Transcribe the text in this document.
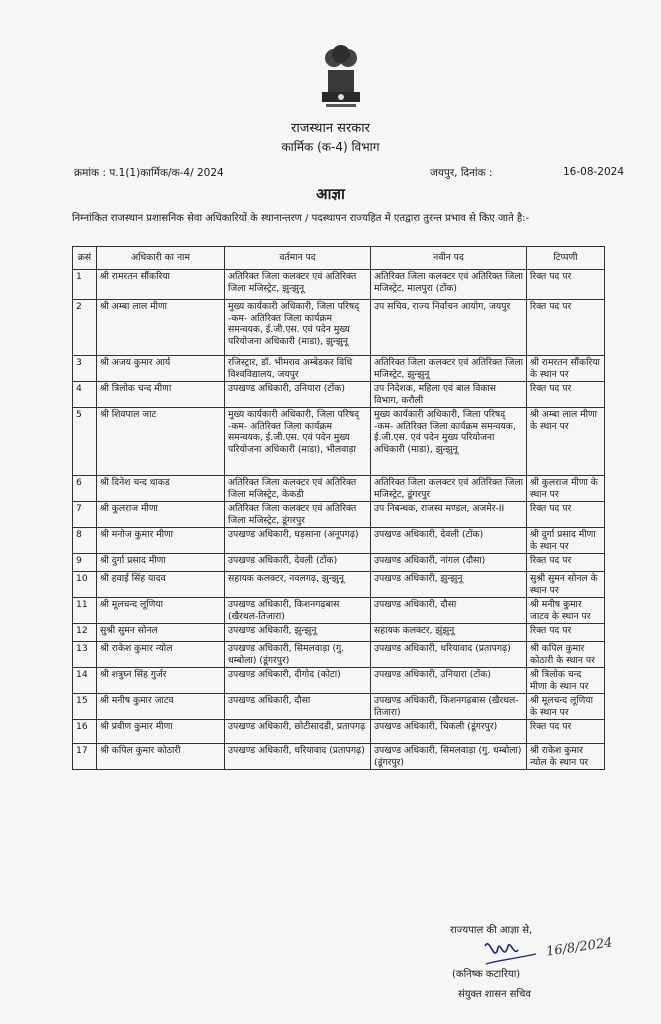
राजस्थान सरकार
कार्मिक (क-4) विभाग
क्रमांक : प.1(1)कार्मिक/क-4/ 2024	जयपुर, दिनांक :	16-08-2024
आज्ञा
निम्नांकित राजस्थान प्रशासनिक सेवा अधिकारियों के स्थानान्तरण / पदस्थापन राज्यहित में एतद्वारा तुरन्त प्रभाव से किए जाते है:-
क्रसं	अधिकारी का नाम	वर्तमान पद	नवीन पद	टिप्पणी
1	श्री रामरतन सौंकरिया	अतिरिक्त जिला कलक्टर एवं अतिरिक्त जिला मजिस्ट्रेट, झुन्झुनू	अतिरिक्त जिला कलक्टर एवं अतिरिक्त जिला मजिस्ट्रेट, मालपुरा (टोंक)	रिक्त पद पर
2	श्री अम्बा लाल मीणा	मुख्य कार्यकारी अधिकारी, जिला परिषद् -कम- अतिरिक्त जिला कार्यक्रम समन्वयक, ई.जी.एस. एवं पदेन मुख्य परियोजना अधिकारी (माडा), झुन्झुनू	उप सचिव, राज्य निर्वाचन आयोग, जयपुर	रिक्त पद पर
3	श्री अजय कुमार आर्य	रजिस्ट्रार, डॉ. भीमराव अम्बेडकर विधि विश्वविद्यालय, जयपुर	अतिरिक्त जिला कलक्टर एवं अतिरिक्त जिला मजिस्ट्रेट, झुन्झुनू	श्री रामरतन सौंकरिया के स्थान पर
4	श्री त्रिलोक चन्द मीणा	उपखण्ड अधिकारी, उनियारा (टोंक)	उप निदेशक, महिला एवं बाल विकास विभाग, करौली	रिक्त पद पर
5	श्री शिवपाल जाट	मुख्य कार्यकारी अधिकारी, जिला परिषद् -कम- अतिरिक्त जिला कार्यक्रम समन्वयक, ई.जी.एस. एवं पदेन मुख्य परियोजना अधिकारी (माडा), भीलवाड़ा	मुख्य कार्यकारी अधिकारी, जिला परिषद् -कम- अतिरिक्त जिला कार्यक्रम समन्वयक, ई.जी.एस. एवं पदेन मुख्य परियोजना अधिकारी (माडा), झुन्झुनू	श्री अम्बा लाल मीणा के स्थान पर
6	श्री दिनेश चन्द धाकड	अतिरिक्त जिला कलक्टर एवं अतिरिक्त जिला मजिस्ट्रेट, केकडी	अतिरिक्त जिला कलक्टर एवं अतिरिक्त जिला मजिस्ट्रेट, डूंगरपुर	श्री कुलराज मीणा के स्थान पर
7	श्री कुलराज मीणा	अतिरिक्त जिला कलक्टर एवं अतिरिक्त जिला मजिस्ट्रेट, डूंगरपुर	उप निबन्धक, राजस्व मण्डल, अजमेर-II	रिक्त पद पर
8	श्री मनोज कुमार मीणा	उपखण्ड अधिकारी, घड़साना (अनूपगढ़)	उपखण्ड अधिकारी, देवली (टोंक)	श्री दुर्गा प्रसाद मीणा के स्थान पर
9	श्री दुर्गा प्रसाद मीणा	उपखण्ड अधिकारी, देवली (टोंक)	उपखण्ड अधिकारी, नांगल (दौसा)	रिक्त पद पर
10	श्री हवाई सिंह यादव	सहायक कलक्टर, नवलगढ़, झुन्झुनू	उपखण्ड अधिकारी, झुन्झुनू	सुश्री सुमन सोनल के स्थान पर
11	श्री मूलचन्द लूणिया	उपखण्ड अधिकारी, किशनगढ़बास (खैरथल-तिजारा)	उपखण्ड अधिकारी, दौसा	श्री मनीष कुमार जाटव के स्थान पर
12	सुश्री सुमन सोनल	उपखण्ड अधिकारी, झुन्झुनू	सहायक कलक्टर, झुंझुनू	रिक्त पद पर
13	श्री राकेश कुमार न्योल	उपखण्ड अधिकारी, सिमलवाड़ा (गु. धम्बोला) (डूंगरपुर)	उपखण्ड अधिकारी, धरियावाद (प्रतापगढ़)	श्री कपिल कुमार कोठारी के स्थान पर
14	श्री शत्रुघ्न सिंह गुर्जर	उपखण्ड अधिकारी, दीगोद (कोटा)	उपखण्ड अधिकारी, उनियारा (टोंक)	श्री त्रिलोक चन्द मीणा के स्थान पर
15	श्री मनीष कुमार जाटव	उपखण्ड अधिकारी, दौसा	उपखण्ड अधिकारी, किशनगढ़बास (खैरथल-तिजारा)	श्री मूलचन्द लूणिया के स्थान पर
16	श्री प्रवीण कुमार मीणा	उपखण्ड अधिकारी, छोटीसादडी, प्रतापगढ़	उपखण्ड अधिकारी, चिकली (डूंगरपुर)	रिक्त पद पर
17	श्री कपिल कुमार कोठारी	उपखण्ड अधिकारी, धरियावाद (प्रतापगढ़)	उपखण्ड अधिकारी, सिमलवाड़ा (गु. धम्बोला) (डूंगरपुर)	श्री राकेश कुमार न्योल के स्थान पर
राज्यपाल की आज्ञा से,
16/8/2024
(कनिष्क कटारिया)
संयुक्त शासन सचिव
